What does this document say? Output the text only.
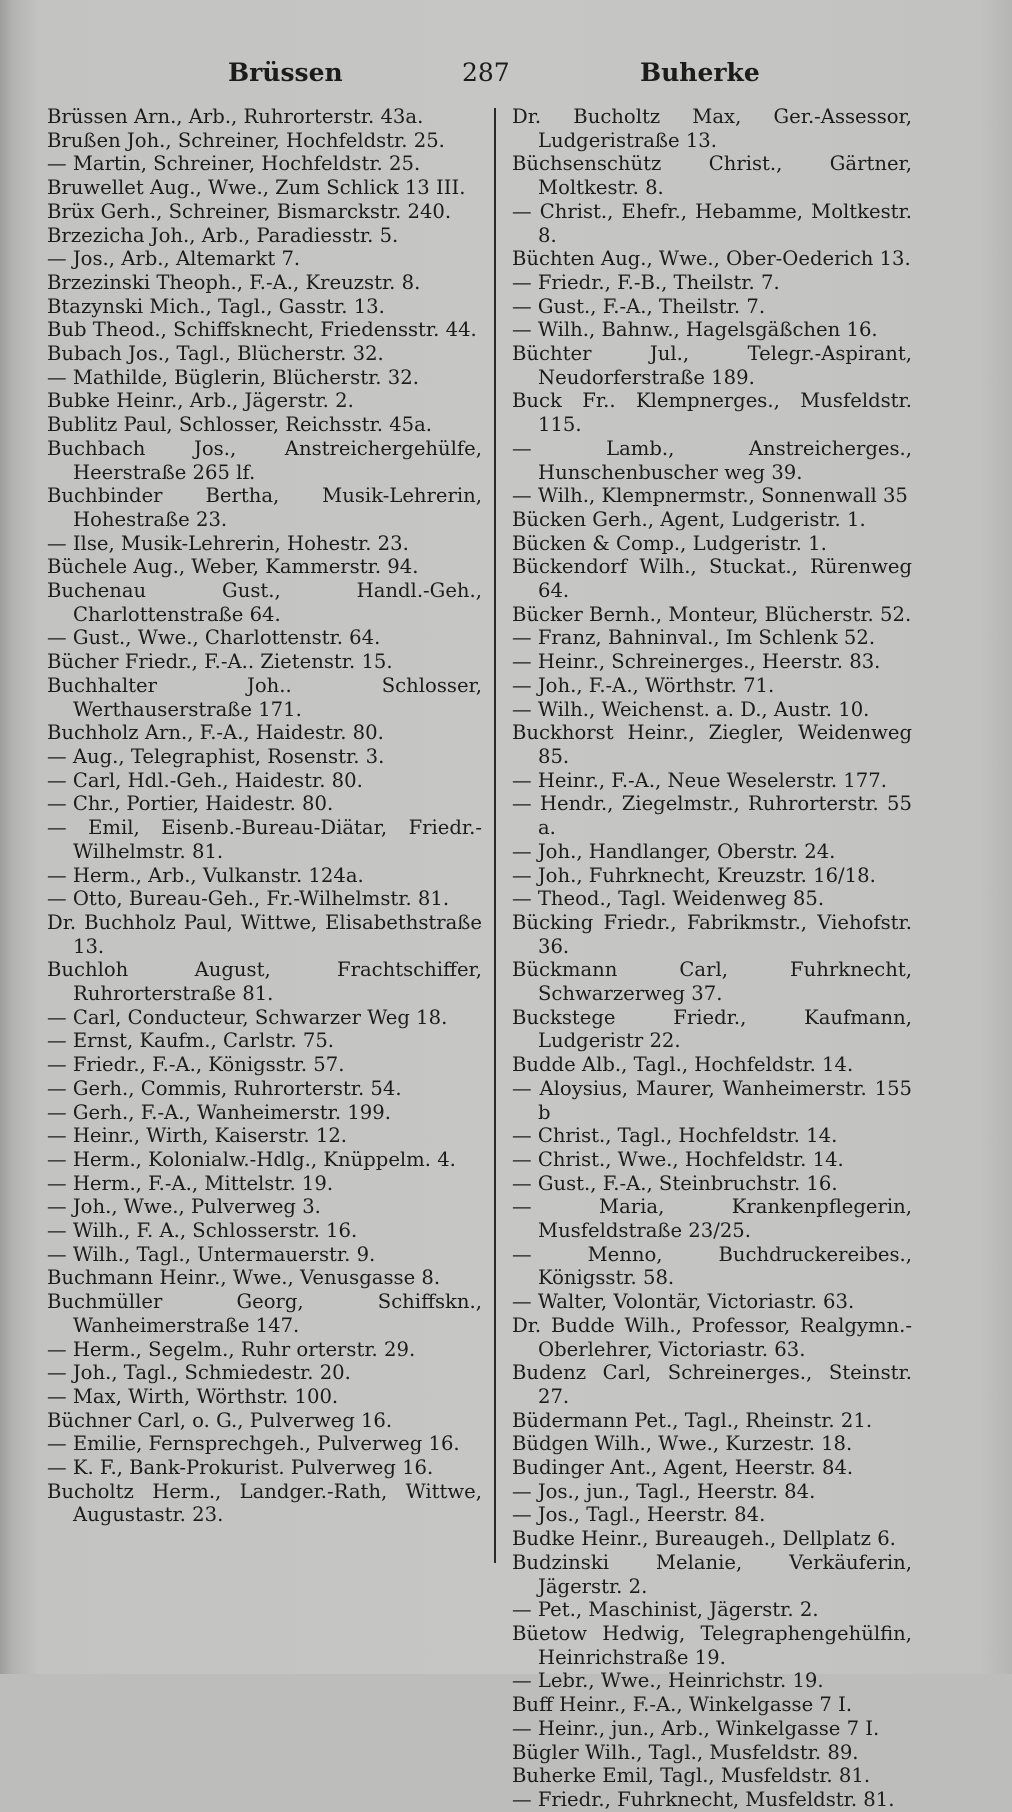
Brüssen	287	Buherke

Brüssen Arn., Arb., Ruhrorterstr. 43a.

Brußen Joh., Schreiner, Hochfeldstr. 25.

— Martin, Schreiner, Hochfeldstr. 25.

Bruwellet Aug., Wwe., Zum Schlick 13 III.

Brüx Gerh., Schreiner, Bismarckstr. 240.

Brzezicha Joh., Arb., Paradiesstr. 5.

— Jos., Arb., Altemarkt 7.

Brzezinski Theoph., F.-A., Kreuzstr. 8.

Btazynski Mich., Tagl., Gasstr. 13.

Bub Theod., Schiffsknecht, Friedensstr. 44.

Bubach Jos., Tagl., Blücherstr. 32.

— Mathilde, Büglerin, Blücherstr. 32.

Bubke Heinr., Arb., Jägerstr. 2.

Bublitz Paul, Schlosser, Reichsstr. 45a.

Buchbach Jos., Anstreichergehülfe, Heerstraße 265 lf.

Buchbinder Bertha, Musik-Lehrerin, Hohestraße 23.

— Ilse, Musik-Lehrerin, Hohestr. 23.

Büchele Aug., Weber, Kammerstr. 94.

Buchenau Gust., Handl.-Geh., Charlottenstraße 64.

— Gust., Wwe., Charlottenstr. 64.

Bücher Friedr., F.-A.. Zietenstr. 15.

Buchhalter Joh.. Schlosser, Werthauserstraße 171.

Buchholz Arn., F.-A., Haidestr. 80.

— Aug., Telegraphist, Rosenstr. 3.

— Carl, Hdl.-Geh., Haidestr. 80.

— Chr., Portier, Haidestr. 80.

— Emil, Eisenb.-Bureau-Diätar, Friedr.-Wilhelmstr. 81.

— Herm., Arb., Vulkanstr. 124a.

— Otto, Bureau-Geh., Fr.-Wilhelmstr. 81.

Dr. Buchholz Paul, Wittwe, Elisabethstraße 13.

Buchloh August, Frachtschiffer, Ruhrorterstraße 81.

— Carl, Conducteur, Schwarzer Weg 18.

— Ernst, Kaufm., Carlstr. 75.

— Friedr., F.-A., Königsstr. 57.

— Gerh., Commis, Ruhrorterstr. 54.

— Gerh., F.-A., Wanheimerstr. 199.

— Heinr., Wirth, Kaiserstr. 12.

— Herm., Kolonialw.-Hdlg., Knüppelm. 4.

— Herm., F.-A., Mittelstr. 19.

— Joh., Wwe., Pulverweg 3.

— Wilh., F. A., Schlosserstr. 16.

— Wilh., Tagl., Untermauerstr. 9.

Buchmann Heinr., Wwe., Venusgasse 8.

Buchmüller Georg, Schiffskn., Wanheimerstraße 147.

— Herm., Segelm., Ruhr orterstr. 29.

— Joh., Tagl., Schmiedestr. 20.

— Max, Wirth, Wörthstr. 100.

Büchner Carl, o. G., Pulverweg 16.

— Emilie, Fernsprechgeh., Pulverweg 16.

— K. F., Bank-Prokurist. Pulverweg 16.

Bucholtz Herm., Landger.-Rath, Wittwe, Augustastr. 23.

Dr. Bucholtz Max, Ger.-Assessor, Ludgeristraße 13.

Büchsenschütz Christ., Gärtner, Moltkestr. 8.

— Christ., Ehefr., Hebamme, Moltkestr. 8.

Büchten Aug., Wwe., Ober-Oederich 13.

— Friedr., F.-B., Theilstr. 7.

— Gust., F.-A., Theilstr. 7.

— Wilh., Bahnw., Hagelsgäßchen 16.

Büchter Jul., Telegr.-Aspirant, Neudorferstraße 189.

Buck Fr.. Klempnerges., Musfeldstr. 115.

— Lamb., Anstreicherges., Hunschenbuscher weg 39.

— Wilh., Klempnermstr., Sonnenwall 35

Bücken Gerh., Agent, Ludgeristr. 1.

Bücken & Comp., Ludgeristr. 1.

Bückendorf Wilh., Stuckat., Rürenweg 64.

Bücker Bernh., Monteur, Blücherstr. 52.

— Franz, Bahninval., Im Schlenk 52.

— Heinr., Schreinerges., Heerstr. 83.

— Joh., F.-A., Wörthstr. 71.

— Wilh., Weichenst. a. D., Austr. 10.

Buckhorst Heinr., Ziegler, Weidenweg 85.

— Heinr., F.-A., Neue Weselerstr. 177.

— Hendr., Ziegelmstr., Ruhrorterstr. 55 a.

— Joh., Handlanger, Oberstr. 24.

— Joh., Fuhrknecht, Kreuzstr. 16/18.

— Theod., Tagl. Weidenweg 85.

Bücking Friedr., Fabrikmstr., Viehofstr. 36.

Bückmann Carl, Fuhrknecht, Schwarzerweg 37.

Buckstege Friedr., Kaufmann, Ludgeristr 22.

Budde Alb., Tagl., Hochfeldstr. 14.

— Aloysius, Maurer, Wanheimerstr. 155 b

— Christ., Tagl., Hochfeldstr. 14.

— Christ., Wwe., Hochfeldstr. 14.

— Gust., F.-A., Steinbruchstr. 16.

— Maria, Krankenpflegerin, Musfeldstraße 23/25.

— Menno, Buchdruckereibes., Königsstr. 58.

— Walter, Volontär, Victoriastr. 63.

Dr. Budde Wilh., Professor, Realgymn.-Oberlehrer, Victoriastr. 63.

Budenz Carl, Schreinerges., Steinstr. 27.

Büdermann Pet., Tagl., Rheinstr. 21.

Büdgen Wilh., Wwe., Kurzestr. 18.

Budinger Ant., Agent, Heerstr. 84.

— Jos., jun., Tagl., Heerstr. 84.

— Jos., Tagl., Heerstr. 84.

Budke Heinr., Bureaugeh., Dellplatz 6.

Budzinski Melanie, Verkäuferin, Jägerstr. 2.

— Pet., Maschinist, Jägerstr. 2.

Büetow Hedwig, Telegraphengehülfin, Heinrichstraße 19.

— Lebr., Wwe., Heinrichstr. 19.

Buff Heinr., F.-A., Winkelgasse 7 I.

— Heinr., jun., Arb., Winkelgasse 7 I.

Bügler Wilh., Tagl., Musfeldstr. 89.

Buherke Emil, Tagl., Musfeldstr. 81.

— Friedr., Fuhrknecht, Musfeldstr. 81.
